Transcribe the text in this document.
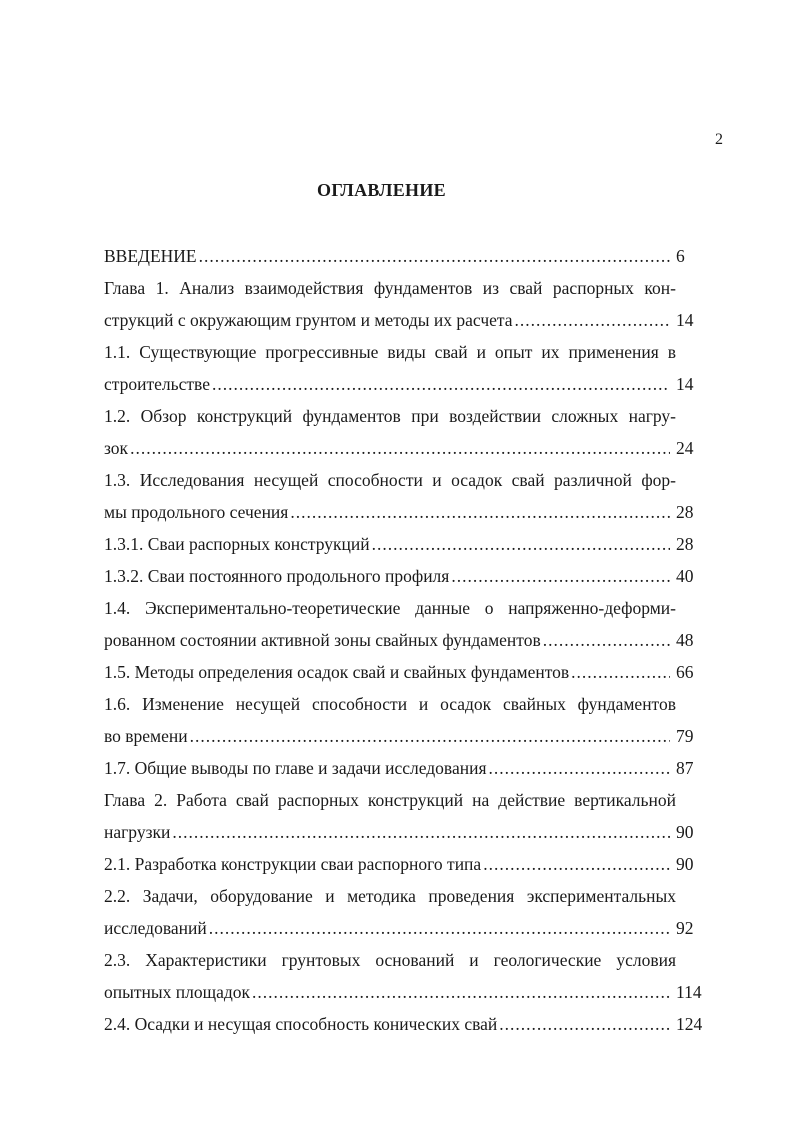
2
ОГЛАВЛЕНИЕ
ВВЕДЕНИЕ .....	6
Глава 1. Анализ взаимодействия фундаментов из свай распорных кон-
струкций с окружающим грунтом и методы их расчета .....	14
1.1. Существующие прогрессивные виды свай и опыт их применения в
строительстве .....	14
1.2. Обзор конструкций фундаментов при воздействии сложных нагру-
зок .....	24
1.3. Исследования несущей способности и осадок свай различной фор-
мы продольного сечения .....	28
1.3.1. Сваи распорных конструкций .....	28
1.3.2. Сваи постоянного продольного профиля .....	40
1.4. Экспериментально-теоретические данные о напряженно-деформи-
рованном состоянии активной зоны свайных фундаментов .....	48
1.5. Методы определения осадок свай и свайных фундаментов .....	66
1.6. Изменение несущей способности и осадок свайных фундаментов
во времени .....	79
1.7. Общие выводы по главе и задачи исследования .....	87
Глава 2. Работа свай распорных конструкций на действие вертикальной
нагрузки .....	90
2.1. Разработка конструкции сваи распорного типа .....	90
2.2. Задачи, оборудование и методика проведения экспериментальных
исследований .....	92
2.3. Характеристики грунтовых оснований и геологические условия
опытных площадок .....	114
2.4. Осадки и несущая способность конических свай .....	124
